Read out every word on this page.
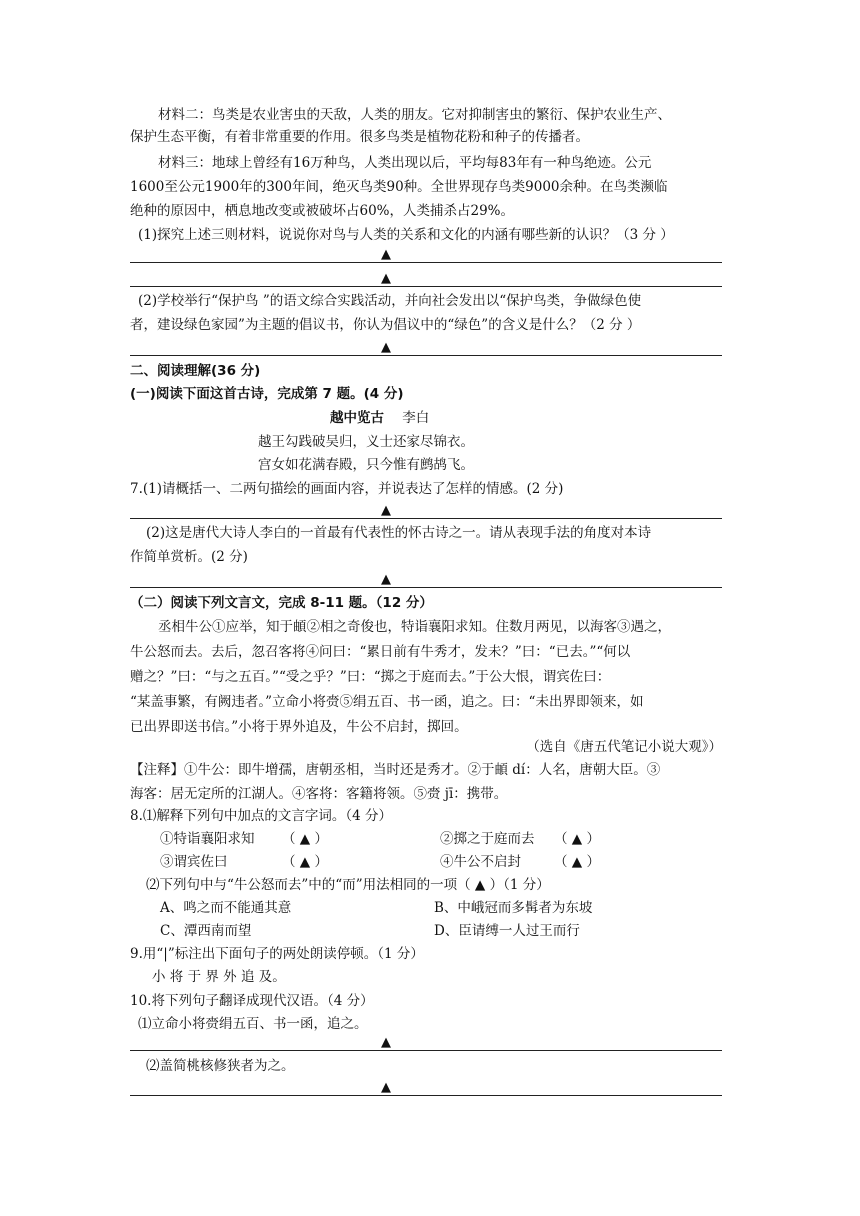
材料二：鸟类是农业害虫的天敌，人类的朋友。它对抑制害虫的繁衍、保护农业生产、
保护生态平衡，有着非常重要的作用。很多鸟类是植物花粉和种子的传播者。
材料三：地球上曾经有16万种鸟，人类出现以后，平均每83年有一种鸟绝迹。公元
1600至公元1900年的300年间，绝灭鸟类90种。全世界现存鸟类9000余种。在鸟类濒临
绝种的原因中，栖息地改变或被破坏占60%，人类捕杀占29%。
(1)探究上述三则材料，说说你对鸟与人类的关系和文化的内涵有哪些新的认识？（3 分 ）
▲
▲
(2)学校举行“保护鸟 ”的语文综合实践活动，并向社会发出以“保护鸟类，争做绿色使
者，建设绿色家园”为主题的倡议书，你认为倡议中的“绿色”的含义是什么？（2 分 ）
▲
二、阅读理解(36 分)
(一)阅读下面这首古诗，完成第 7 题。(4 分)
越中览古 李白
越王勾践破吴归，义士还家尽锦衣。
宫女如花满春殿，只今惟有鹧鸪飞。
7.(1)请概括一、二两句描绘的画面内容，并说表达了怎样的情感。(2 分)
▲
(2)这是唐代大诗人李白的一首最有代表性的怀古诗之一。请从表现手法的角度对本诗
作简单赏析。(2 分)
▲
（二）阅读下列文言文，完成 8-11 题。（12 分）
丞相牛公①应举，知于頔②相之奇俊也，特诣襄阳求知。住数月两见，以海客③遇之，
牛公怒而去。去后，忽召客将④问曰：“累日前有牛秀才，发未？”曰：“已去。”“何以
赠之？”曰：“与之五百。”“受之乎？”曰：“掷之于庭而去。”于公大恨，谓宾佐曰：
“某盖事繁，有阙违者。”立命小将赍⑤绢五百、书一函，追之。曰：“未出界即领来，如
已出界即送书信。”小将于界外追及，牛公不启封，掷回。
（选自《唐五代笔记小说大观》）
【注释】①牛公：即牛增孺，唐朝丞相，当时还是秀才。②于頔 dí：人名，唐朝大臣。③
海客：居无定所的江湖人。④客将：客籍将领。⑤赍 jī：携带。
8.⑴解释下列句中加点的文言字词。（4 分）
①特诣襄阳求知 （ ▲ ）	②掷之于庭而去 （ ▲ ）
③谓宾佐曰	（ ▲ ）	④牛公不启封 （ ▲ ）
⑵下列句中与“牛公怒而去”中的“而”用法相同的一项（ ▲ ）（1 分）
A、鸣之而不能通其意	B、中峨冠而多髯者为东坡
C、潭西南而望	D、臣请缚一人过王而行
9.用“|”标注出下面句子的两处朗读停顿。（1 分）
小 将 于 界 外 追 及。
10.将下列句子翻译成现代汉语。（4 分）
⑴立命小将赍绢五百、书一函，追之。
▲
⑵盖简桃核修狭者为之。
▲
